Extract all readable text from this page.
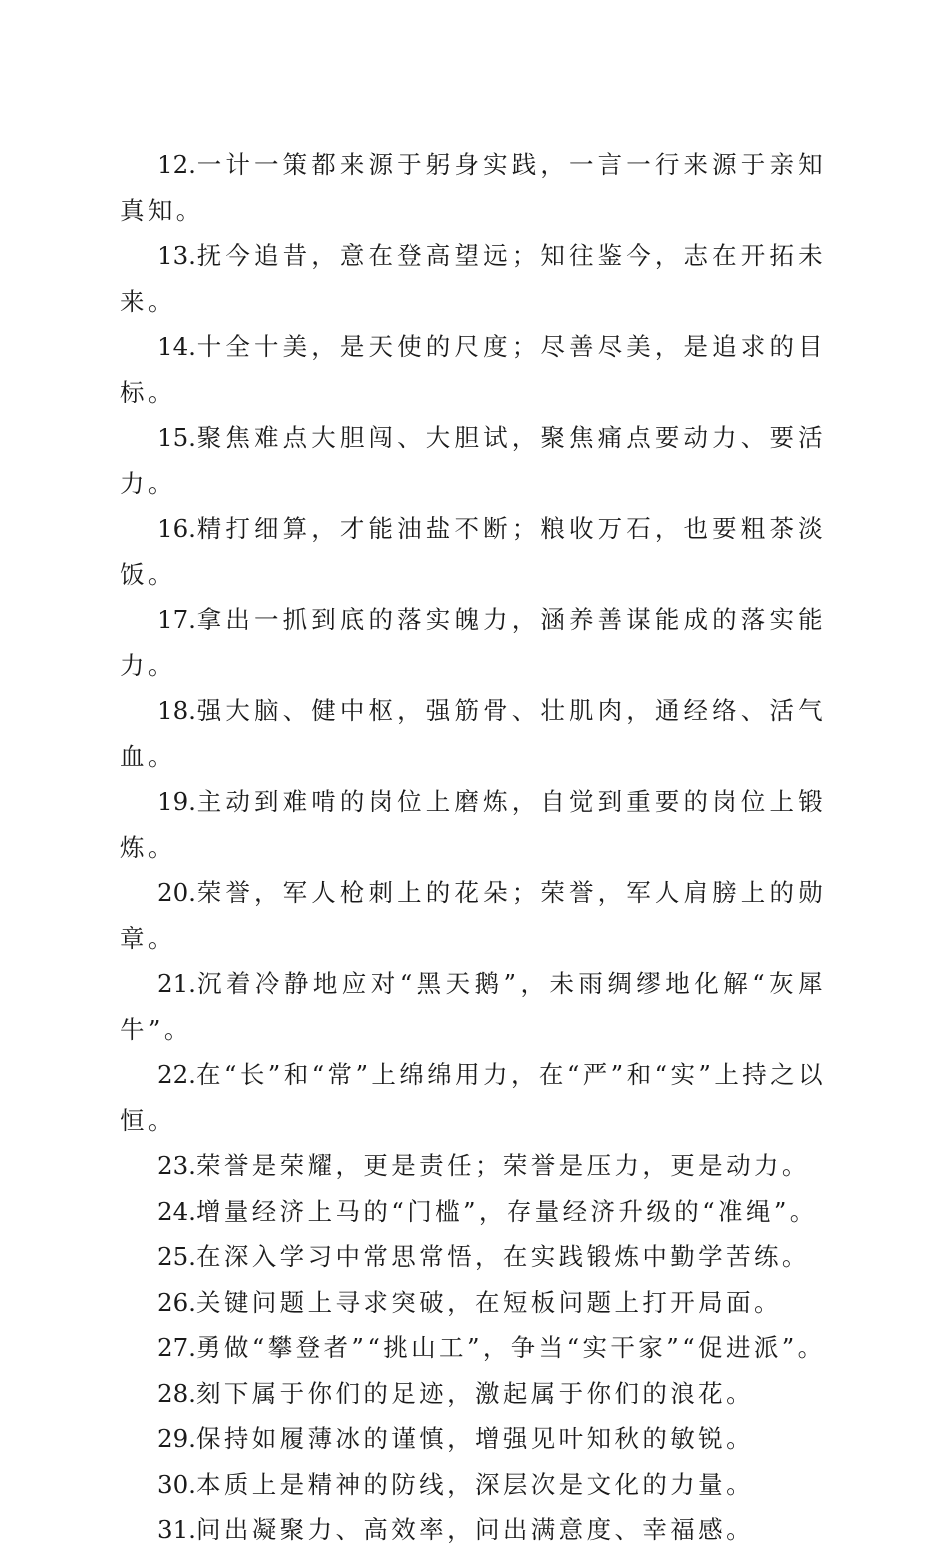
12.一计一策都来源于躬身实践，一言一行来源于亲知真知。

13.抚今追昔，意在登高望远；知往鉴今，志在开拓未来。

14.十全十美，是天使的尺度；尽善尽美，是追求的目标。

15.聚焦难点大胆闯、大胆试，聚焦痛点要动力、要活力。

16.精打细算，才能油盐不断；粮收万石，也要粗茶淡饭。

17.拿出一抓到底的落实魄力，涵养善谋能成的落实能力。

18.强大脑、健中枢，强筋骨、壮肌肉，通经络、活气血。

19.主动到难啃的岗位上磨炼，自觉到重要的岗位上锻炼。

20.荣誉，军人枪刺上的花朵；荣誉，军人肩膀上的勋章。

21.沉着冷静地应对“黑天鹅”，未雨绸缪地化解“灰犀牛”。

22.在“长”和“常”上绵绵用力，在“严”和“实”上持之以恒。

23.荣誉是荣耀，更是责任；荣誉是压力，更是动力。

24.增量经济上马的“门槛”，存量经济升级的“准绳”。

25.在深入学习中常思常悟，在实践锻炼中勤学苦练。

26.关键问题上寻求突破，在短板问题上打开局面。

27.勇做“攀登者”“挑山工”，争当“实干家”“促进派”。

28.刻下属于你们的足迹，激起属于你们的浪花。

29.保持如履薄冰的谨慎，增强见叶知秋的敏锐。

30.本质上是精神的防线，深层次是文化的力量。

31.问出凝聚力、高效率，问出满意度、幸福感。
